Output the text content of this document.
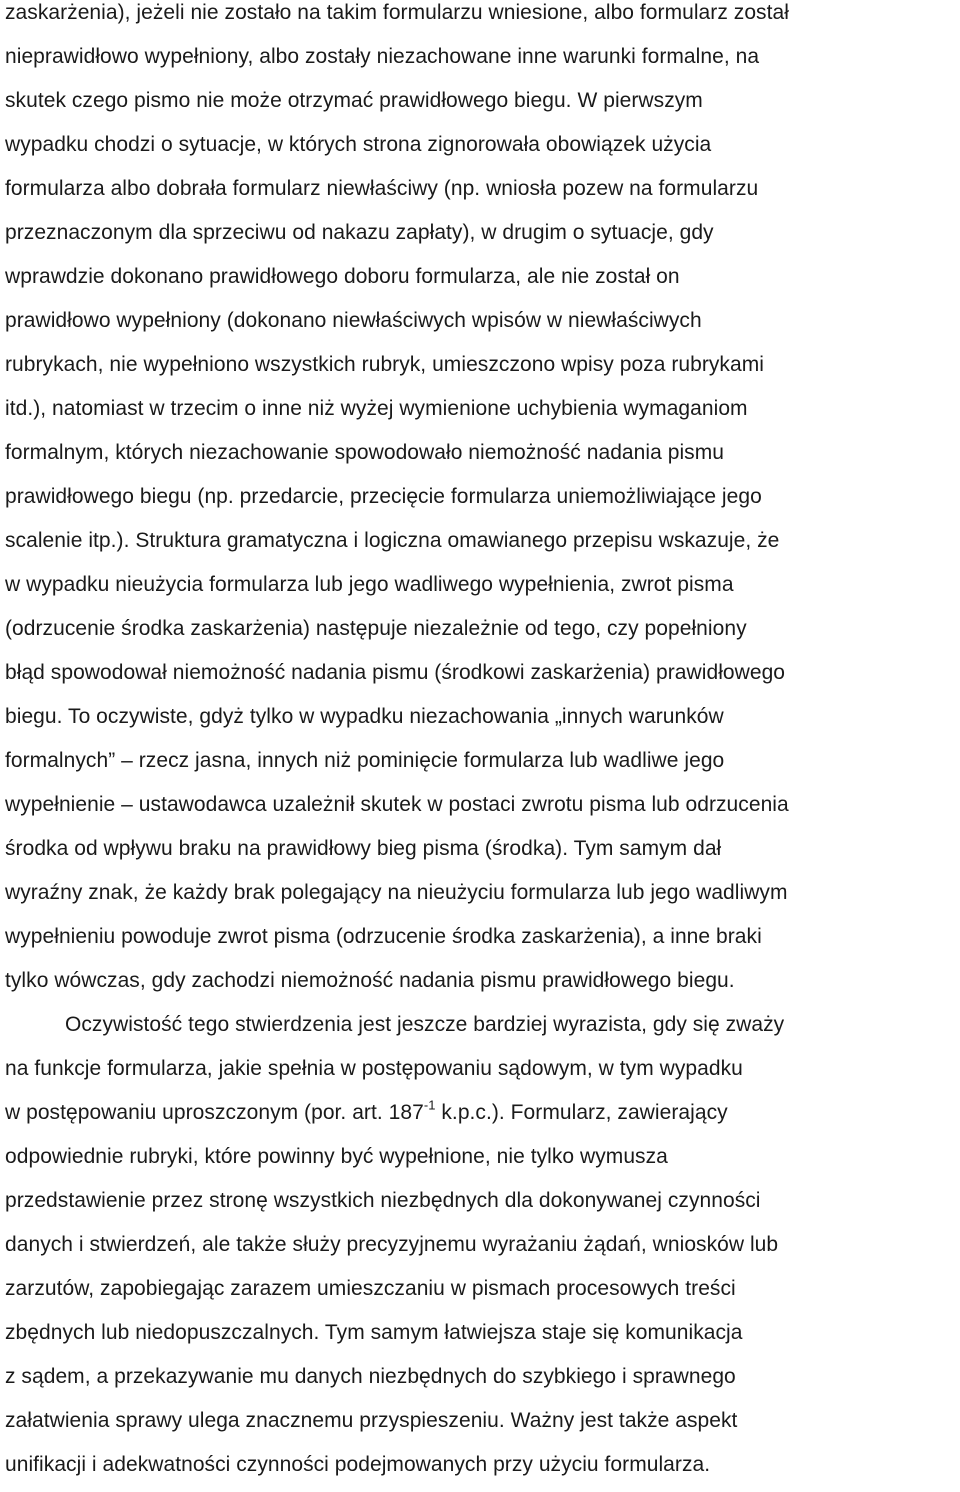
zaskarżenia), jeżeli nie zostało na takim formularzu wniesione, albo formularz został
nieprawidłowo wypełniony, albo zostały niezachowane inne warunki formalne, na
skutek czego pismo nie może otrzymać prawidłowego biegu. W pierwszym
wypadku chodzi o sytuacje, w których strona zignorowała obowiązek użycia
formularza albo dobrała formularz niewłaściwy (np. wniosła pozew na formularzu
przeznaczonym dla sprzeciwu od nakazu zapłaty), w drugim o sytuacje, gdy
wprawdzie dokonano prawidłowego doboru formularza, ale nie został on
prawidłowo wypełniony (dokonano niewłaściwych wpisów w niewłaściwych
rubrykach, nie wypełniono wszystkich rubryk, umieszczono wpisy poza rubrykami
itd.), natomiast w trzecim o inne niż wyżej wymienione uchybienia wymaganiom
formalnym, których niezachowanie spowodowało niemożność nadania pismu
prawidłowego biegu (np. przedarcie, przecięcie formularza uniemożliwiające jego
scalenie itp.). Struktura gramatyczna i logiczna omawianego przepisu wskazuje, że
w wypadku nieużycia formularza lub jego wadliwego wypełnienia, zwrot pisma
(odrzucenie środka zaskarżenia) następuje niezależnie od tego, czy popełniony
błąd spowodował niemożność nadania pismu (środkowi zaskarżenia) prawidłowego
biegu. To oczywiste, gdyż tylko w wypadku niezachowania „innych warunków
formalnych” – rzecz jasna, innych niż pominięcie formularza lub wadliwe jego
wypełnienie – ustawodawca uzależnił skutek w postaci zwrotu pisma lub odrzucenia
środka od wpływu braku na prawidłowy bieg pisma (środka). Tym samym dał
wyraźny znak, że każdy brak polegający na nieużyciu formularza lub jego wadliwym
wypełnieniu powoduje zwrot pisma (odrzucenie środka zaskarżenia), a inne braki
tylko wówczas, gdy zachodzi niemożność nadania pismu prawidłowego biegu.
Oczywistość tego stwierdzenia jest jeszcze bardziej wyrazista, gdy się zważy
na funkcje formularza, jakie spełnia w postępowaniu sądowym, w tym wypadku
w postępowaniu uproszczonym (por. art. $187^{-1}$ k.p.c.). Formularz, zawierający
odpowiednie rubryki, które powinny być wypełnione, nie tylko wymusza
przedstawienie przez stronę wszystkich niezbędnych dla dokonywanej czynności
danych i stwierdzeń, ale także służy precyzyjnemu wyrażaniu żądań, wniosków lub
zarzutów, zapobiegając zarazem umieszczaniu w pismach procesowych treści
zbędnych lub niedopuszczalnych. Tym samym łatwiejsza staje się komunikacja
z sądem, a przekazywanie mu danych niezbędnych do szybkiego i sprawnego
załatwienia sprawy ulega znacznemu przyspieszeniu. Ważny jest także aspekt
unifikacji i adekwatności czynności podejmowanych przy użyciu formularza.
